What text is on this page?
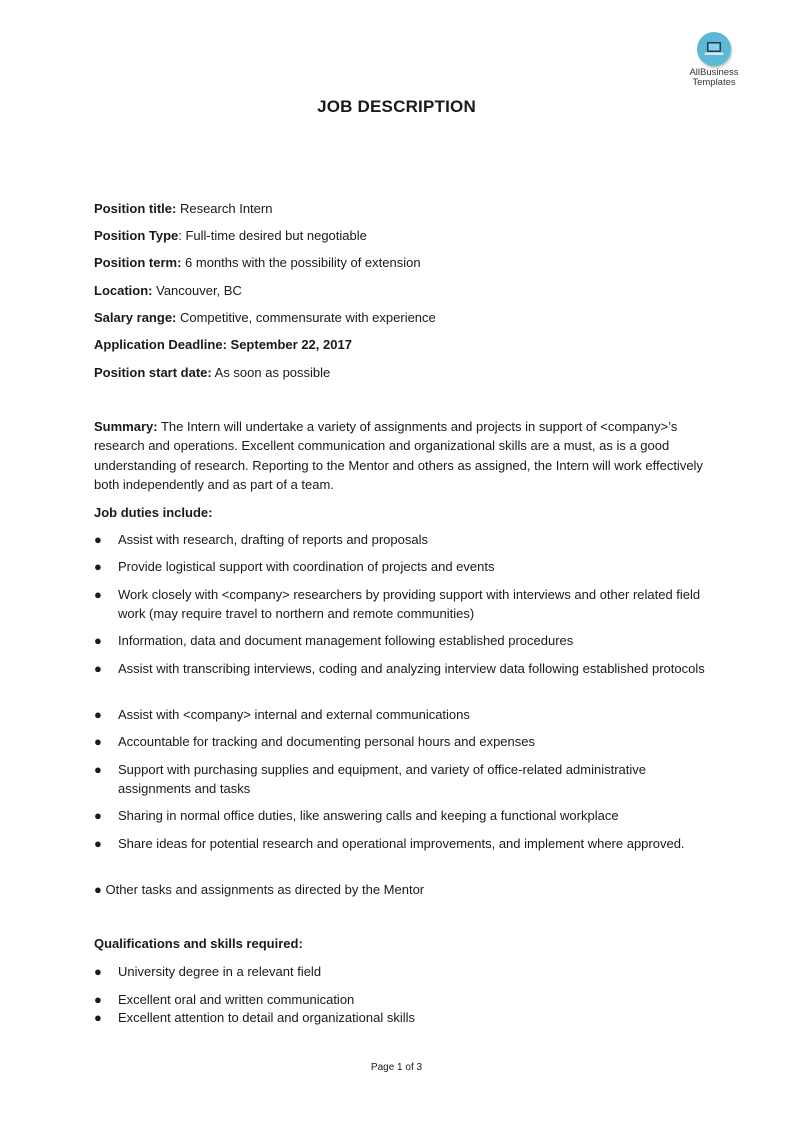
AllBusiness
Templates
JOB DESCRIPTION
Position title: Research Intern
Position Type: Full-time desired but negotiable
Position term: 6 months with the possibility of extension
Location: Vancouver, BC
Salary range: Competitive, commensurate with experience
Application Deadline: September 22, 2017
Position start date: As soon as possible
Summary: The Intern will undertake a variety of assignments and projects in support of <company>’s research and operations. Excellent communication and organizational skills are a must, as is a good understanding of research. Reporting to the Mentor and others as assigned, the Intern will work effectively both independently and as part of a team.
Job duties include:
●	Assist with research, drafting of reports and proposals
●	Provide logistical support with coordination of projects and events
●	Work closely with <company> researchers by providing support with interviews and other related field work (may require travel to northern and remote communities)
●	Information, data and document management following established procedures
●	Assist with transcribing interviews, coding and analyzing interview data following established protocols
●	Assist with <company> internal and external communications
●	Accountable for tracking and documenting personal hours and expenses
●	Support with purchasing supplies and equipment, and variety of office-related administrative assignments and tasks
●	Sharing in normal office duties, like answering calls and keeping a functional workplace
●	Share ideas for potential research and operational improvements, and implement where approved.
● Other tasks and assignments as directed by the Mentor
Qualifications and skills required:
●	University degree in a relevant field
●	Excellent oral and written communication
●	Excellent attention to detail and organizational skills
Page 1 of 3
